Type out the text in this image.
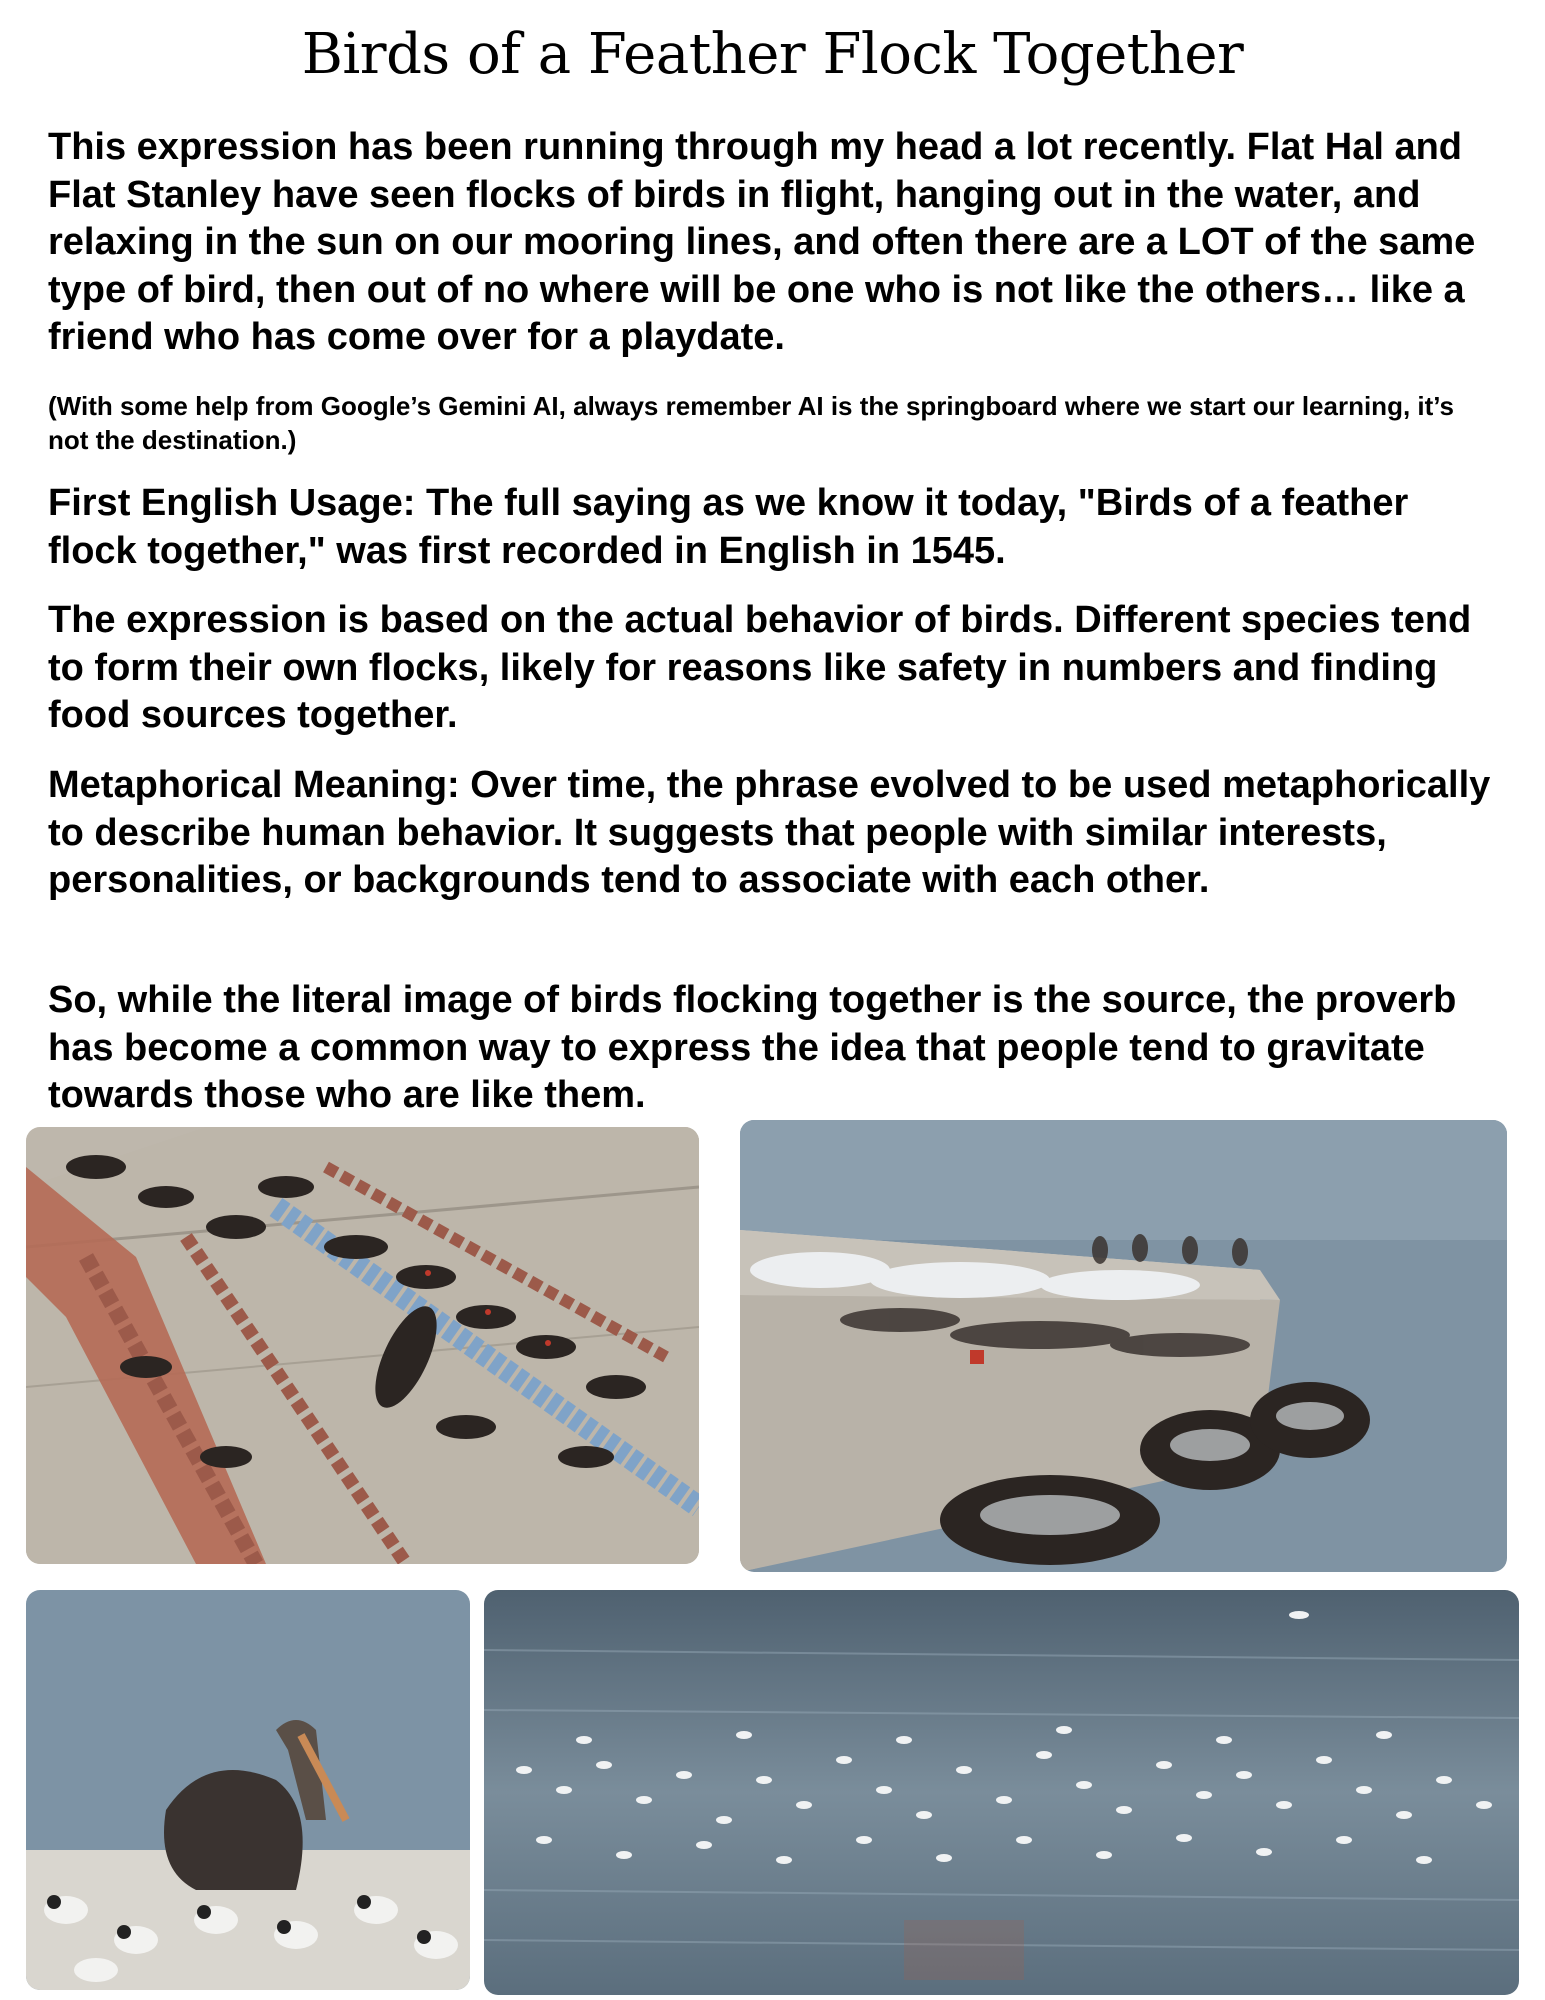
Birds of a Feather Flock Together

This expression has been running through my head a lot recently. Flat Hal and Flat Stanley have seen flocks of birds in flight, hanging out in the water, and relaxing in the sun on our mooring lines, and often there are a LOT of the same type of bird, then out of no where will be one who is not like the others… like a friend who has come over for a playdate.

(With some help from Google’s Gemini AI, always remember AI is the springboard where we start our learning, it’s not the destination.)

First English Usage: The full saying as we know it today, "Birds of a feather flock together," was first recorded in English in 1545.

The expression is based on the actual behavior of birds. Different species tend to form their own flocks, likely for reasons like safety in numbers and finding food sources together.

Metaphorical Meaning: Over time, the phrase evolved to be used metaphorically to describe human behavior. It suggests that people with similar interests, personalities, or backgrounds tend to associate with each other.

So, while the literal image of birds flocking together is the source, the proverb has become a common way to express the idea that people tend to gravitate towards those who are like them.
